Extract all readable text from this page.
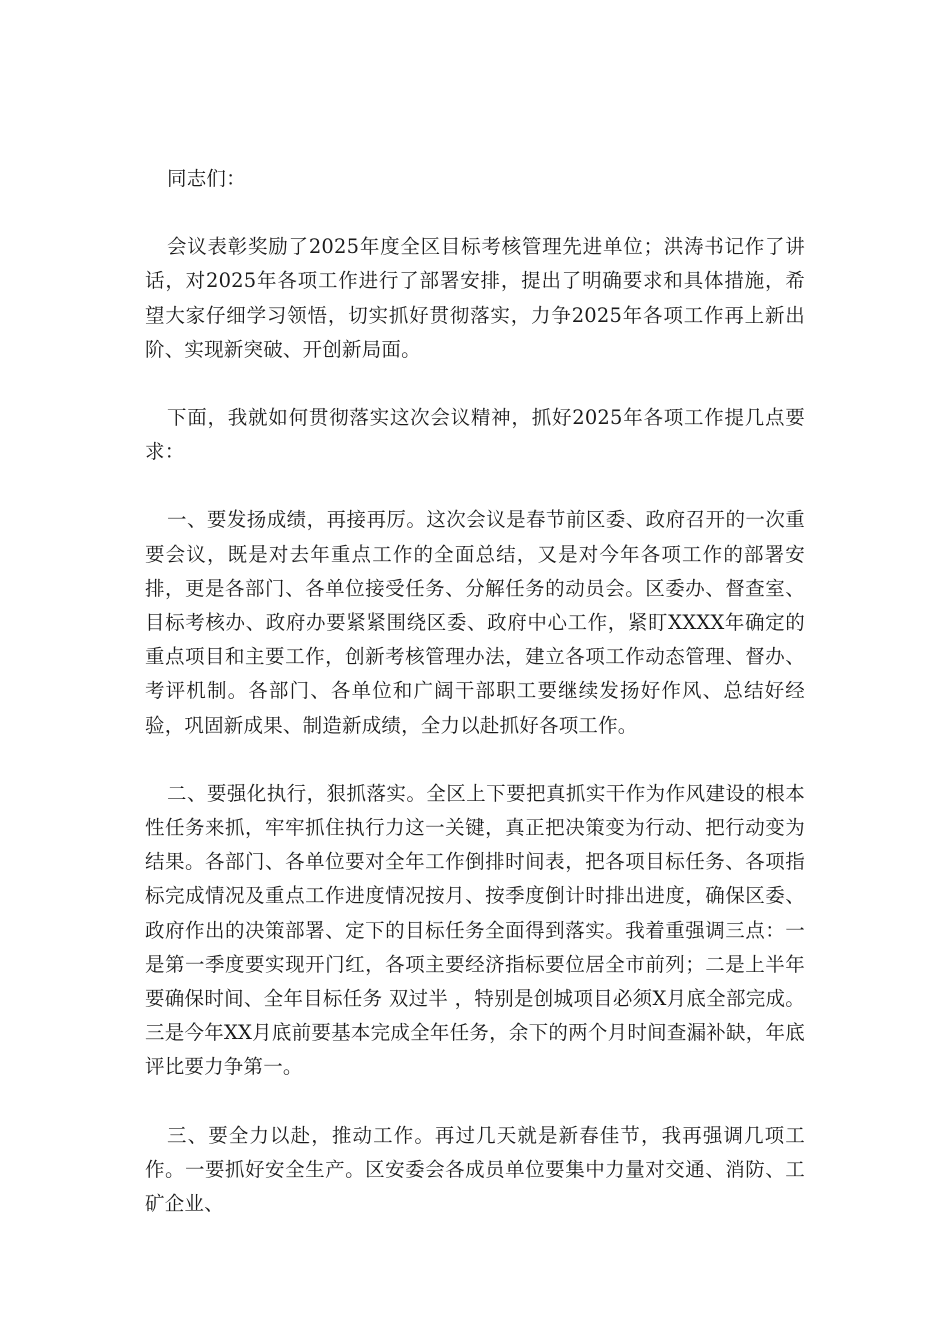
同志们：

会议表彰奖励了2025年度全区目标考核管理先进单位；洪涛书记作了讲话，对2025年各项工作进行了部署安排，提出了明确要求和具体措施，希望大家仔细学习领悟，切实抓好贯彻落实，力争2025年各项工作再上新出阶、实现新突破、开创新局面。

下面，我就如何贯彻落实这次会议精神，抓好2025年各项工作提几点要求：

一、要发扬成绩，再接再厉。这次会议是春节前区委、政府召开的一次重要会议，既是对去年重点工作的全面总结，又是对今年各项工作的部署安排，更是各部门、各单位接受任务、分解任务的动员会。区委办、督查室、目标考核办、政府办要紧紧围绕区委、政府中心工作，紧盯XXXX年确定的重点项目和主要工作，创新考核管理办法，建立各项工作动态管理、督办、考评机制。各部门、各单位和广阔干部职工要继续发扬好作风、总结好经验，巩固新成果、制造新成绩，全力以赴抓好各项工作。

二、要强化执行，狠抓落实。全区上下要把真抓实干作为作风建设的根本性任务来抓，牢牢抓住执行力这一关键，真正把决策变为行动、把行动变为结果。各部门、各单位要对全年工作倒排时间表，把各项目标任务、各项指标完成情况及重点工作进度情况按月、按季度倒计时排出进度，确保区委、政府作出的决策部署、定下的目标任务全面得到落实。我着重强调三点：一是第一季度要实现开门红，各项主要经济指标要位居全市前列；二是上半年要确保时间、全年目标任务 双过半 ，特别是创城项目必须X月底全部完成。三是今年XX月底前要基本完成全年任务，余下的两个月时间查漏补缺，年底评比要力争第一。

三、要全力以赴，推动工作。再过几天就是新春佳节，我再强调几项工作。一要抓好安全生产。区安委会各成员单位要集中力量对交通、消防、工矿企业、
